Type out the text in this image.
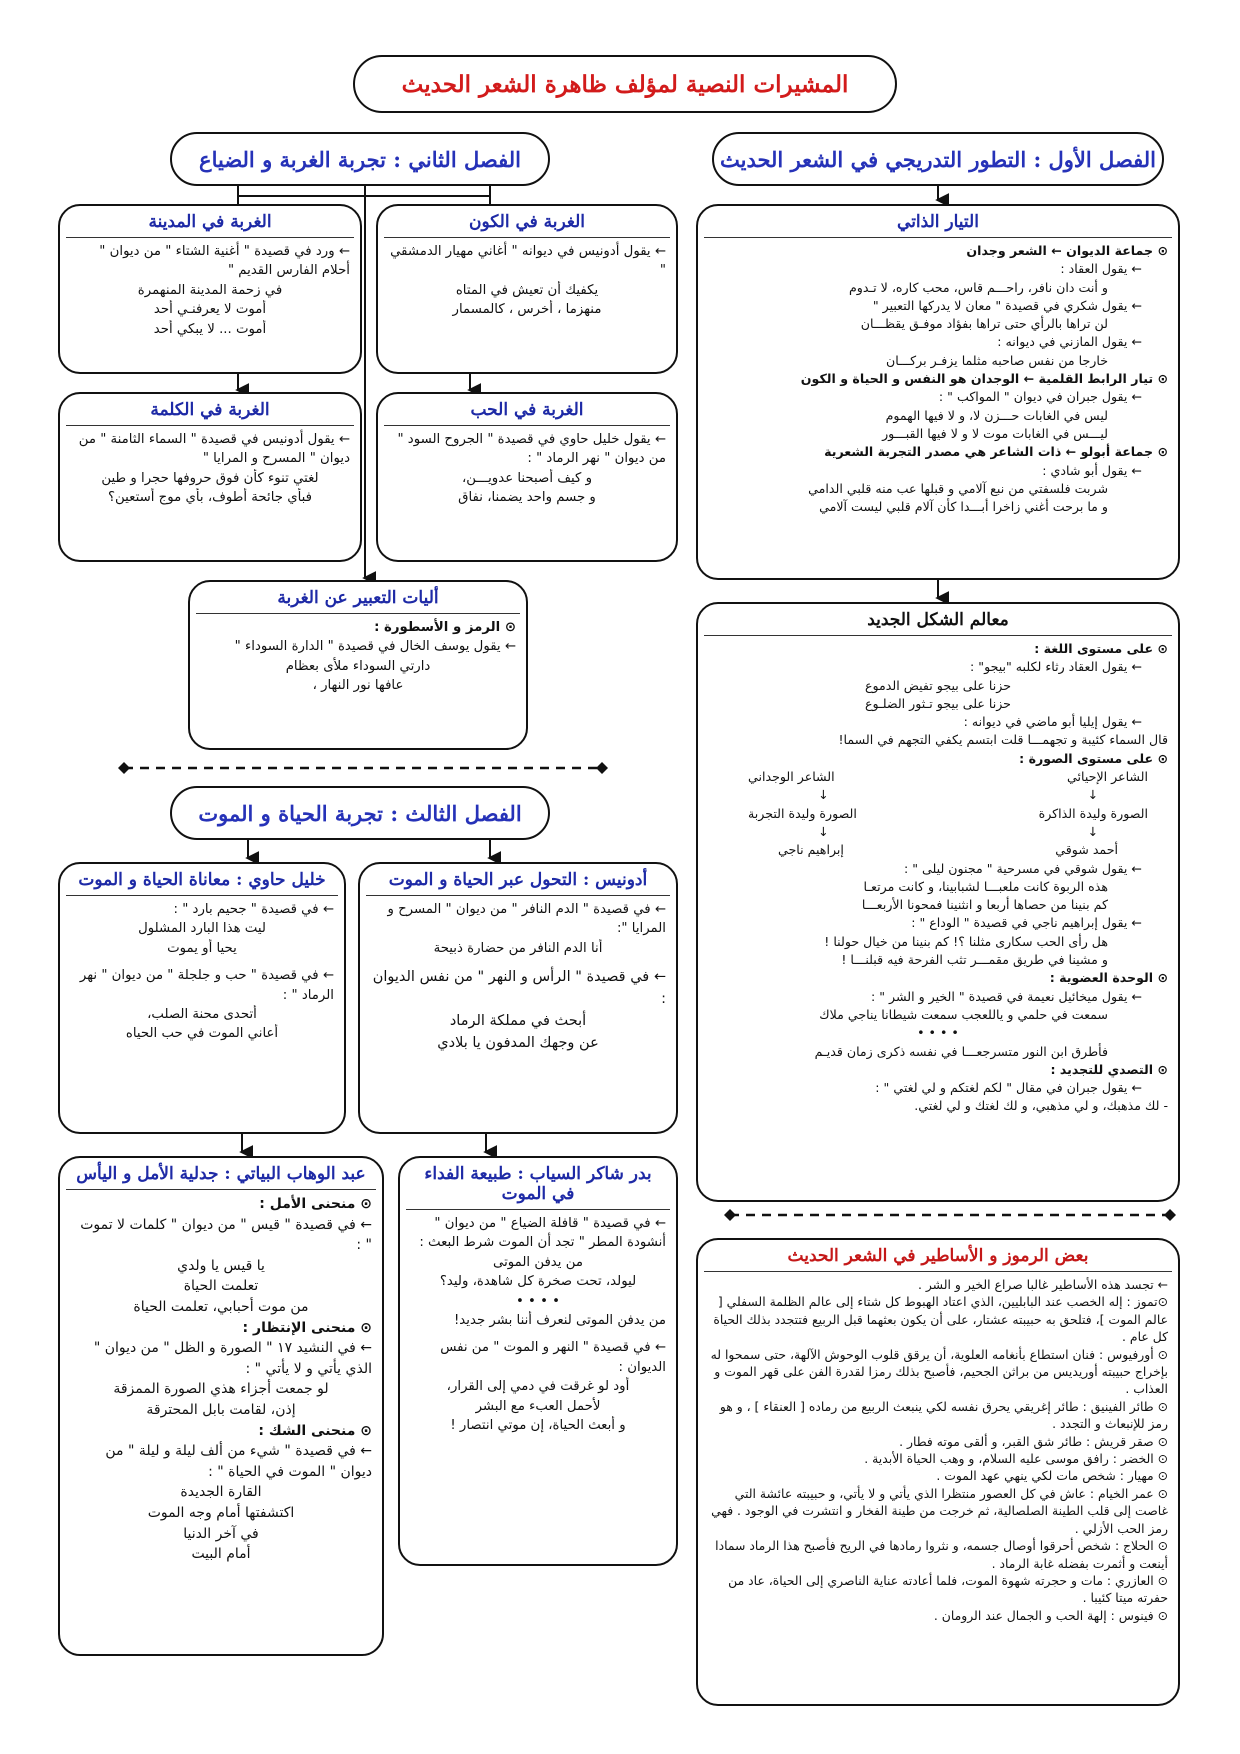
المشيرات النصية لمؤلف ظاهرة الشعر الحديث
الفصل الأول : التطور التدريجي في الشعر الحديث
الفصل الثاني : تجربة الغربة و الضياع
الفصل الثالث : تجربة الحياة و الموت
التيار الذاتي
⊙ جماعة الديوان ← الشعر وجدان
← يقول العقاد :
و أنت دان نافر، راحـــم قاس، محب كاره، لا تـدوم
← يقول شكري في قصيدة " معان لا يدركها التعبير "
لن تراها بالرأي حتى تراها بفؤاد موفـق يقظـــان
← يقول المازني في ديوانه :
خارجا من نفس صاحبه مثلما يزفـر بركـــان
⊙ تيار الرابط القلمية ← الوجدان هو النفس و الحياة و الكون
← يقول جبران في ديوان " المواكب " :
ليس في الغابات حـــزن لا، و لا فيها الهموم
ليـــس في الغابات موت لا و لا فيها القبـــور
⊙ جماعة أبولو ← ذات الشاعر هي مصدر التجربة الشعرية
← يقول أبو شادي :
شربت فلسفتي من نبع آلامي و قبلها عب منه قلبي الدامي
و ما برحت أغني زاخرا أبـــدا كأن آلام قلبي ليست آلامي
معالم الشكل الجديد
⊙ على مستوى اللغة :
← يقول العقاد رثاء لكلبه "بيجو" :
حزنا على بيجو تفيض الدموع
حزنا على بيجو تـثور الضلـوع
← يقول إيليا أبو ماضي في ديوانه :
قال السماء كئيبة و تجهمـــا قلت ابتسم يكفي التجهم في السما!
⊙ على مستوى الصورة :
الشاعر الإحيائي
الشاعر الوجداني
↓
↓
الصورة وليدة الذاكرة
الصورة وليدة التجربة
↓
↓
أحمد شوقي
إبراهيم ناجي
← يقول شوقي في مسرحية " مجنون ليلى " :
هذه الربوة كانت ملعبـــا لشبابينا، و كانت مرتعـا
كم بنينا من حصاها أربعا و انثنينا فمحونا الأربعـــا
← يقول إبراهيم ناجي في قصيدة " الوداع " :
هل رأى الحب سكارى مثلنا ؟! كم بنينا من خيال حولنا !
و مشينا في طريق مقمـــر تثب الفرحة فيه قبلنـــا !
⊙ الوحدة العضوية :
← يقول ميخائيل نعيمة في قصيدة " الخير و الشر " :
سمعت في حلمي و ياللعجب سمعت شيطانا يناجي ملاك
• • • •
فأطرق ابن النور متسرجعـــا في نفسه ذكرى زمان قديـم
⊙ التصدي للتجديد :
← يقول جبران في مقال " لكم لغتكم و لي لغتي " :
- لك مذهبك، و لي مذهبي، و لك لغتك و لي لغتي.
بعض الرموز و الأساطير في الشعر الحديث
← تجسد هذه الأساطير غالبا صراع الخير و الشر .
⊙تموز : إله الخصب عند البابليين، الذي اعتاد الهبوط كل شتاء إلى عالم الظلمة السفلي [ عالم الموت ]، فتلحق به حبيبته عشتار، على أن يكون بعثهما قبل الربيع فتتجدد بذلك الحياة كل عام .
⊙ أورفيوس : فنان استطاع بأنغامه العلوية، أن يرقق قلوب الوحوش الآلهة، حتى سمحوا له بإخراج حبيبته أوريديس من براثن الجحيم، فأصبح بذلك رمزا لقدرة الفن على قهر الموت و العذاب .
⊙ طائر الفينيق : طائر إغريقي يحرق نفسه لكي ينبعث الربيع من رماده [ العنقاء ] ، و هو رمز للإنبعاث و التجدد .
⊙ صقر قريش : طائر شق القبر، و ألقى موته فطار .
⊙ الخضر : رافق موسى عليه السلام، و وهب الحياة الأبدية .
⊙ مهيار : شخص مات لكي ينهي عهد الموت .
⊙ عمر الخيام : عاش في كل العصور منتظرا الذي يأتي و لا يأتي، و حبيبته عائشة التي غاصت إلى قلب الطينة الصلصالية، ثم خرجت من طينة الفخار و انتشرت في الوجود . فهي رمز الحب الأزلي .
⊙ الحلاج : شخص أحرقوا أوصال جسمه، و نثروا رمادها في الريح فأصبح هذا الرماد سمادا أينعت و أثمرت بفضله غابة الرماد .
⊙ العازري : مات و حجرته شهوة الموت، فلما أعادته عناية الناصري إلى الحياة، عاد من حفرته ميتا كئيبا .
⊙ فينوس : إلهة الحب و الجمال عند الرومان .
الغربة في الكون
← يقول أدونيس في ديوانه " أغاني مهيار الدمشقي "
يكفيك أن تعيش في المتاه
منهزما ، أخرس ، كالمسمار
الغربة في المدينة
← ورد في قصيدة " أغنية الشتاء " من ديوان " أحلام الفارس القديم "
في زحمة المدينة المنهمرة
أموت لا يعرفنـي أحد
أموت ... لا يبكي أحد
الغربة في الحب
← يقول خليل حاوي في قصيدة " الجروح السود " من ديوان " نهر الرماد " :
و كيف أصبحنا عدويـــن،
و جسم واحد يضمنا، نفاق
الغربة في الكلمة
← يقول أدونيس في قصيدة " السماء الثامنة " من ديوان " المسرح و المرايا "
لغتي تنوء كأن فوق حروفها حجرا و طين
فبأي جائحة أطوف، بأي موج أستعين؟
أليات التعبير عن الغربة
⊙ الرمز و الأسطورة :
← يقول يوسف الخال في قصيدة " الدارة السوداء "
دارتي السوداء ملأى بعظام
عافها نور النهار ،
أدونيس : التحول عبر الحياة و الموت
← في قصيدة " الدم النافر " من ديوان " المسرح و المرايا ":
أنا الدم النافر من حضارة ذبيحة
← في قصيدة " الرأس و النهر " من نفس الديوان :
أبحث في مملكة الرماد
عن وجهك المدفون يا بلادي
خليل حاوي : معاناة الحياة و الموت
← في قصيدة " جحيم بارد " :
ليت هذا البارد المشلول
يحيا أو يموت
← في قصيدة " حب و جلجلة " من ديوان " نهر الرماد " :
أتحدى محنة الصلب،
أعاني الموت في حب الحياه
بدر شاكر السياب : طبيعة الفداء في الموت
← في قصيدة " قافلة الضياع " من ديوان " أنشودة المطر " تجد أن الموت شرط البعث :
من يدفن الموتى
ليولد، تحت صخرة كل شاهدة، وليد؟
• • • •
من يدفن الموتى لنعرف أننا بشر جديد!
← في قصيدة " النهر و الموت " من نفس الديوان :
أود لو غرقت في دمي إلى القرار،
لأحمل العبء مع البشر
و أبعث الحياة، إن موتي انتصار !
عبد الوهاب البياتي : جدلية الأمل و اليأس
⊙ منحنى الأمل :
← في قصيدة " قيس " من ديوان " كلمات لا تموت " :
يا قيس يا ولدي
تعلمت الحياة
من موت أحبابي، تعلمت الحياة
⊙ منحنى الإنتظار :
← في النشيد ١٧ " الصورة و الظل " من ديوان " الذي يأتي و لا يأتي " :
لو جمعت أجزاء هذي الصورة الممزقة
إذن، لقامت بابل المحترقة
⊙ منحنى الشك :
← في قصيدة " شيء من ألف ليلة و ليلة " من ديوان " الموت في الحياة " :
القارة الجديدة
اكتشفتها أمام وجه الموت
في آخر الدنيا
أمام البيت
